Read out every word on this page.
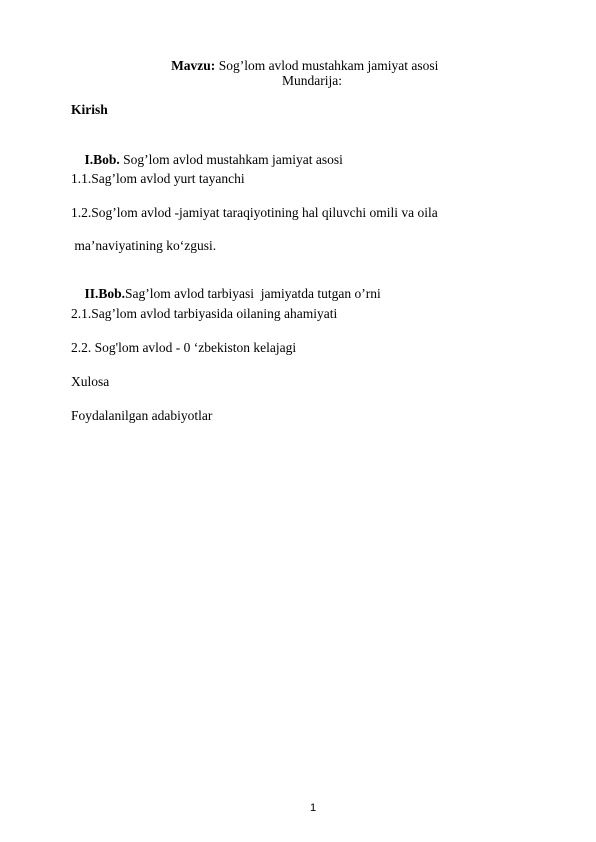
Mavzu: Sog’lom avlod mustahkam jamiyat asosi

Mundarija:
Kirish

I.Bob. Sog’lom avlod mustahkam jamiyat asosi

1.1.Sag’lom avlod yurt tayanchi
1.2.Sog’lom avlod -jamiyat taraqiyotining hal qiluvchi omili va oila
ma’naviyatining ko‘zgusi.

II.Bob.Sag’lom avlod tarbiyasi  jamiyatda tutgan o’rni

2.1.Sag’lom avlod tarbiyasida oilaning ahamiyati
2.2. Sog'lom avlod - 0 ‘zbekiston kelajagi
Xulosa
Foydalanilgan adabiyotlar
1
